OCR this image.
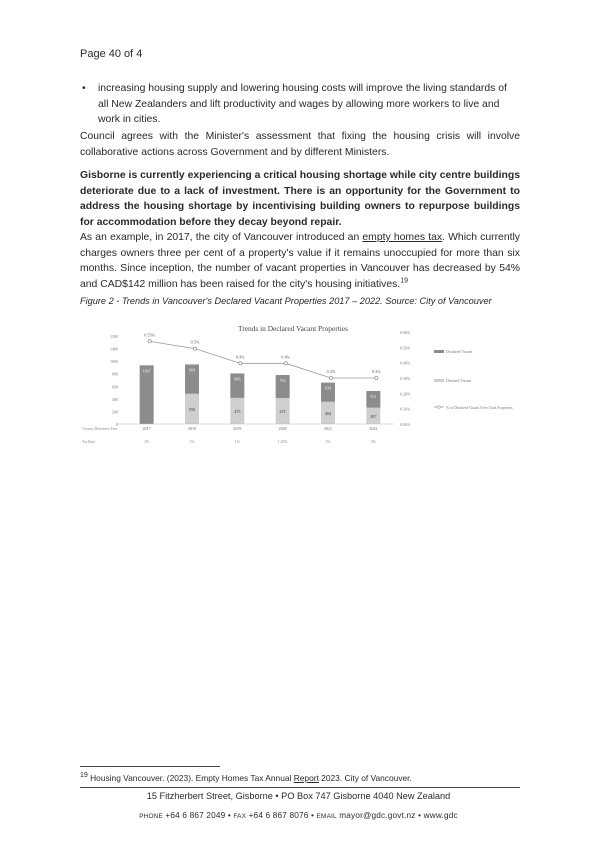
Page 40 of 4
• increasing housing supply and lowering housing costs will improve the living standards of all New Zealanders and lift productivity and wages by allowing more workers to live and work in cities.
Council agrees with the Minister's assessment that fixing the housing crisis will involve collaborative actions across Government and by different Ministers.
Gisborne is currently experiencing a critical housing shortage while city centre buildings deteriorate due to a lack of investment. There is an opportunity for the Government to address the housing shortage by incentivising building owners to repurpose buildings for accommodation before they decay beyond repair.
As an example, in 2017, the city of Vancouver introduced an empty homes tax. Which currently charges owners three per cent of a property's value if it remains unoccupied for more than six months. Since inception, the number of vacant properties in Vancouver has decreased by 54% and CAD$142 million has been raised for the city's housing initiatives.$^{19}$
Figure 2 - Trends in Vancouver's Declared Vacant Properties 2017 – 2022. Source: City of Vancouver
Trends in Declared Vacant Properties
1500
1400
1000
800
600
400
200
0
0.60%
0.50%
0.40%
0.30%
0.20%
0.10%
0.00%
1067
550
969
475
808
471
763
404
634
297
551
0.55%
0.5%
0.4%	0.4%
0.3%	0.3%
Vacancy Reference Year
Tax Rate
2017
1%
2018
1%
2019
1%
2020
1.25%
2021
3%
2022
3%
Declared Vacant
Deemed Vacant
% of Declared Vacant Over Total Properties
$^{19}$ Housing Vancouver. (2023). Empty Homes Tax Annual Report 2023. City of Vancouver.
15 Fitzherbert Street, Gisborne • PO Box 747 Gisborne 4040 New Zealand
PHONE +64 6 867 2049 • FAX +64 6 867 8076 • EMAIL mayor@gdc.govt.nz • www.gdc
